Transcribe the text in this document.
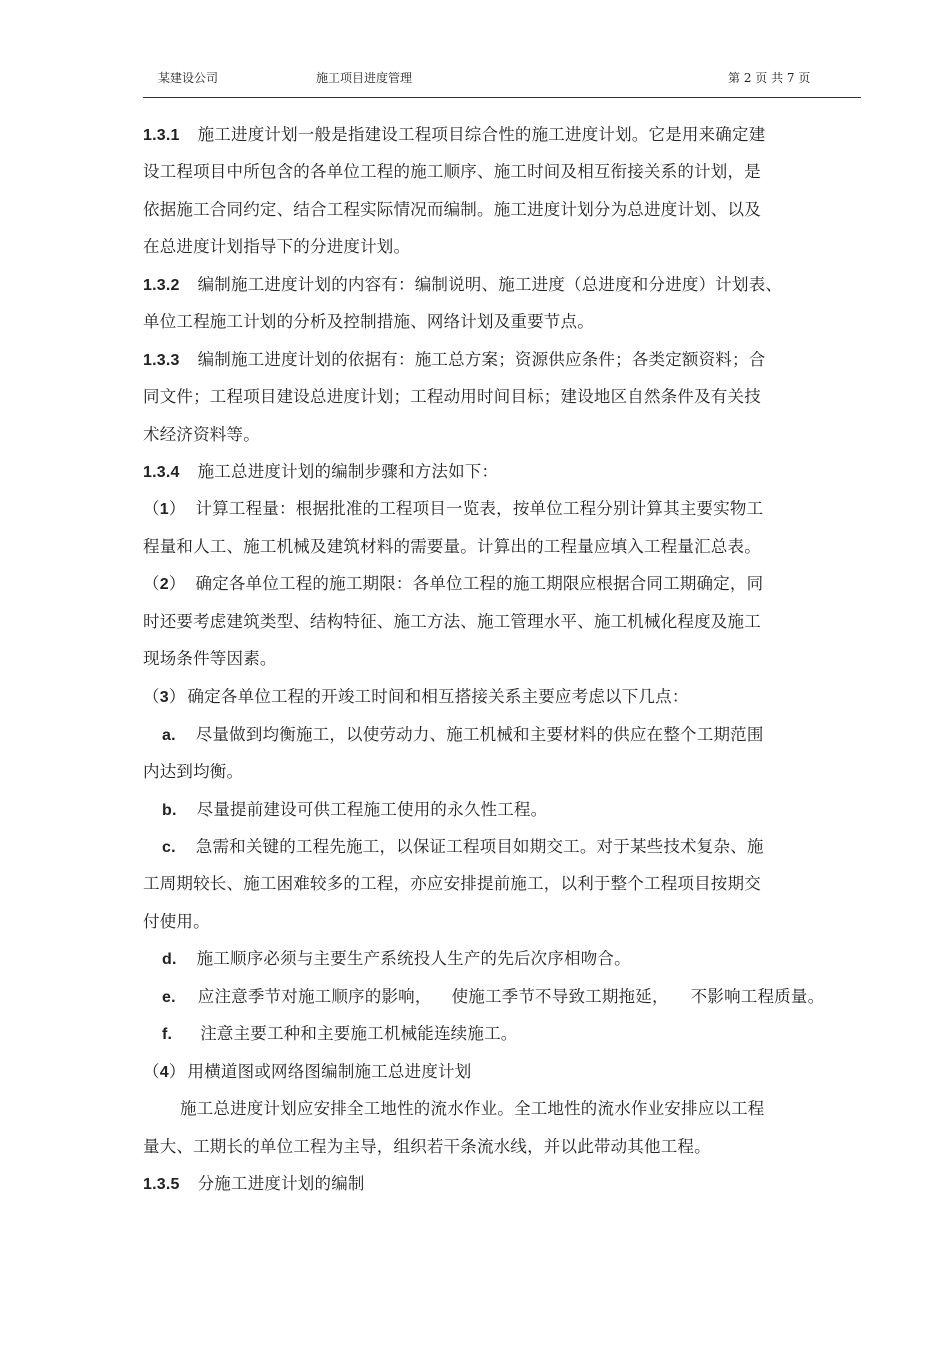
某建设公司	施工项目进度管理	第 2 页 共 7 页
1.3.1 施工进度计划一般是指建设工程项目综合性的施工进度计划。它是用来确定建
设工程项目中所包含的各单位工程的施工顺序、施工时间及相互衔接关系的计划，是
依据施工合同约定、结合工程实际情况而编制。施工进度计划分为总进度计划、以及
在总进度计划指导下的分进度计划。
1.3.2 编制施工进度计划的内容有：编制说明、施工进度（总进度和分进度）计划表、
单位工程施工计划的分析及控制措施、网络计划及重要节点。
1.3.3 编制施工进度计划的依据有：施工总方案；资源供应条件；各类定额资料；合
同文件；工程项目建设总进度计划；工程动用时间目标；建设地区自然条件及有关技
术经济资料等。
1.3.4 施工总进度计划的编制步骤和方法如下：
（1） 计算工程量：根据批准的工程项目一览表，按单位工程分别计算其主要实物工
程量和人工、施工机械及建筑材料的需要量。计算出的工程量应填入工程量汇总表。
（2） 确定各单位工程的施工期限：各单位工程的施工期限应根据合同工期确定，同
时还要考虑建筑类型、结构特征、施工方法、施工管理水平、施工机械化程度及施工
现场条件等因素。
（3） 确定各单位工程的开竣工时间和相互搭接关系主要应考虑以下几点：
a. 尽量做到均衡施工，以使劳动力、施工机械和主要材料的供应在整个工期范围
内达到均衡。
b. 尽量提前建设可供工程施工使用的永久性工程。
c. 急需和关键的工程先施工，以保证工程项目如期交工。对于某些技术复杂、施
工周期较长、施工困难较多的工程，亦应安排提前施工，以利于整个工程项目按期交
付使用。
d. 施工顺序必须与主要生产系统投人生产的先后次序相吻合。
e. 应注意季节对施工顺序的影响， 使施工季节不导致工期拖延， 不影响工程质量。
f. 注意主要工种和主要施工机械能连续施工。
（4） 用横道图或网络图编制施工总进度计划
施工总进度计划应安排全工地性的流水作业。全工地性的流水作业安排应以工程
量大、工期长的单位工程为主导，组织若干条流水线，并以此带动其他工程。
1.3.5 分施工进度计划的编制
